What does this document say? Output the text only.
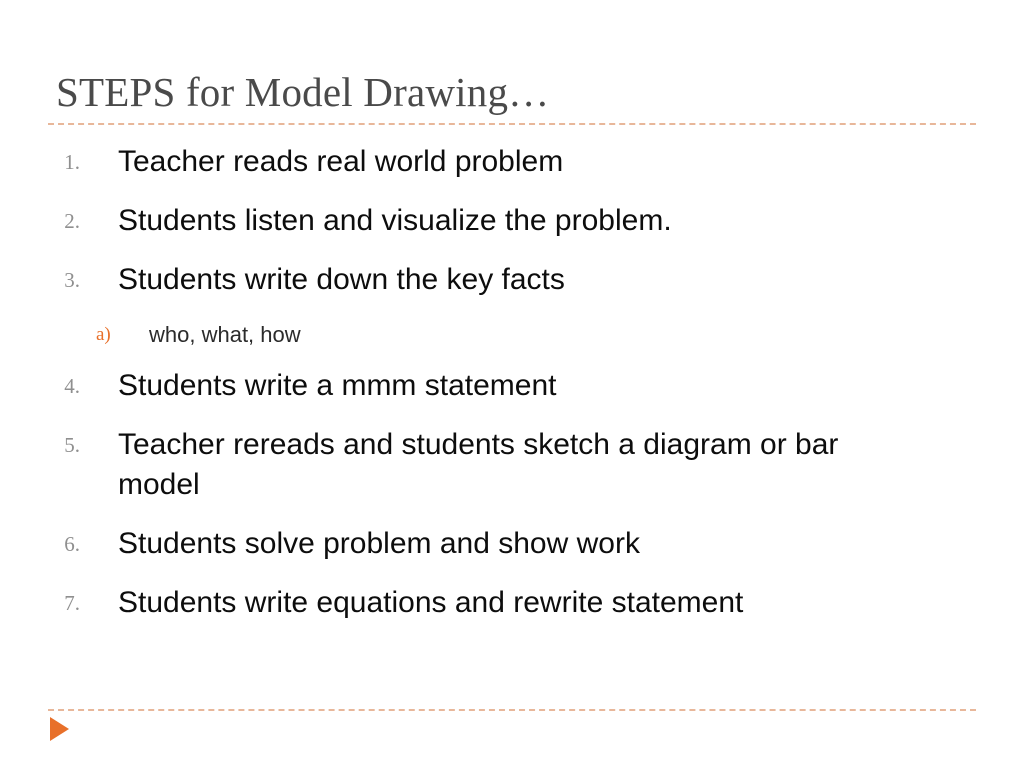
STEPS for Model Drawing…
1. Teacher reads real world problem
2. Students listen and visualize the problem.
3. Students write down the key facts
a)	who, what, how
4. Students write a mmm statement
5. Teacher rereads and students sketch a diagram or bar model
6. Students solve problem and show work
7. Students write equations and rewrite statement
